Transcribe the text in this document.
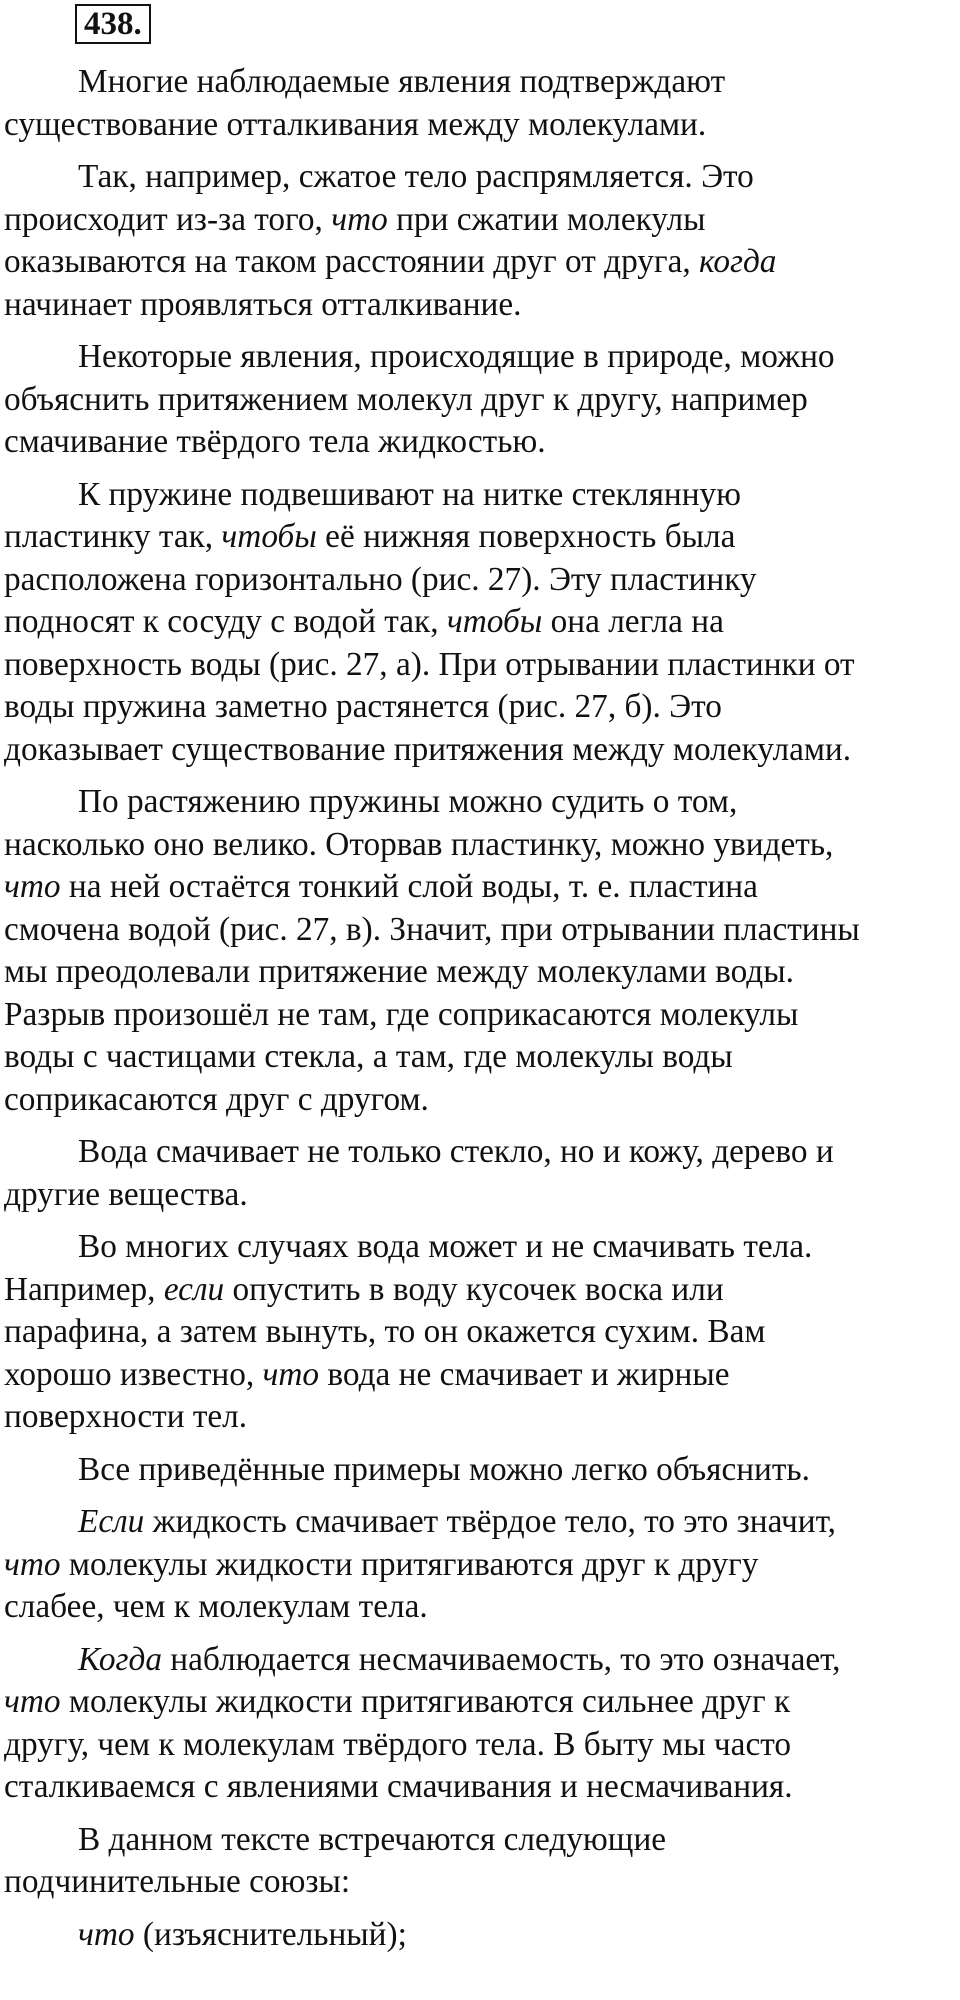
438.

Многие наблюдаемые явления подтверждают
существование отталкивания между молекулами.

Так, например, сжатое тело распрямляется. Это
происходит из-за того, что при сжатии молекулы
оказываются на таком расстоянии друг от друга, когда
начинает проявляться отталкивание.

Некоторые явления, происходящие в природе, можно
объяснить притяжением молекул друг к другу, например
смачивание твёрдого тела жидкостью.

К пружине подвешивают на нитке стеклянную
пластинку так, чтобы её нижняя поверхность была
расположена горизонтально (рис. 27). Эту пластинку
подносят к сосуду с водой так, чтобы она легла на
поверхность воды (рис. 27, а). При отрывании пластинки от
воды пружина заметно растянется (рис. 27, б). Это
доказывает существование притяжения между молекулами.

По растяжению пружины можно судить о том,
насколько оно велико. Оторвав пластинку, можно увидеть,
что на ней остаётся тонкий слой воды, т. е. пластина
смочена водой (рис. 27, в). Значит, при отрывании пластины
мы преодолевали притяжение между молекулами воды.
Разрыв произошёл не там, где соприкасаются молекулы
воды с частицами стекла, а там, где молекулы воды
соприкасаются друг с другом.

Вода смачивает не только стекло, но и кожу, дерево и
другие вещества.

Во многих случаях вода может и не смачивать тела.
Например, если опустить в воду кусочек воска или
парафина, а затем вынуть, то он окажется сухим. Вам
хорошо известно, что вода не смачивает и жирные
поверхности тел.

Все приведённые примеры можно легко объяснить.

Если жидкость смачивает твёрдое тело, то это значит,
что молекулы жидкости притягиваются друг к другу
слабее, чем к молекулам тела.

Когда наблюдается несмачиваемость, то это означает,
что молекулы жидкости притягиваются сильнее друг к
другу, чем к молекулам твёрдого тела. В быту мы часто
сталкиваемся с явлениями смачивания и несмачивания.

В данном тексте встречаются следующие
подчинительные союзы:

что (изъяснительный);
